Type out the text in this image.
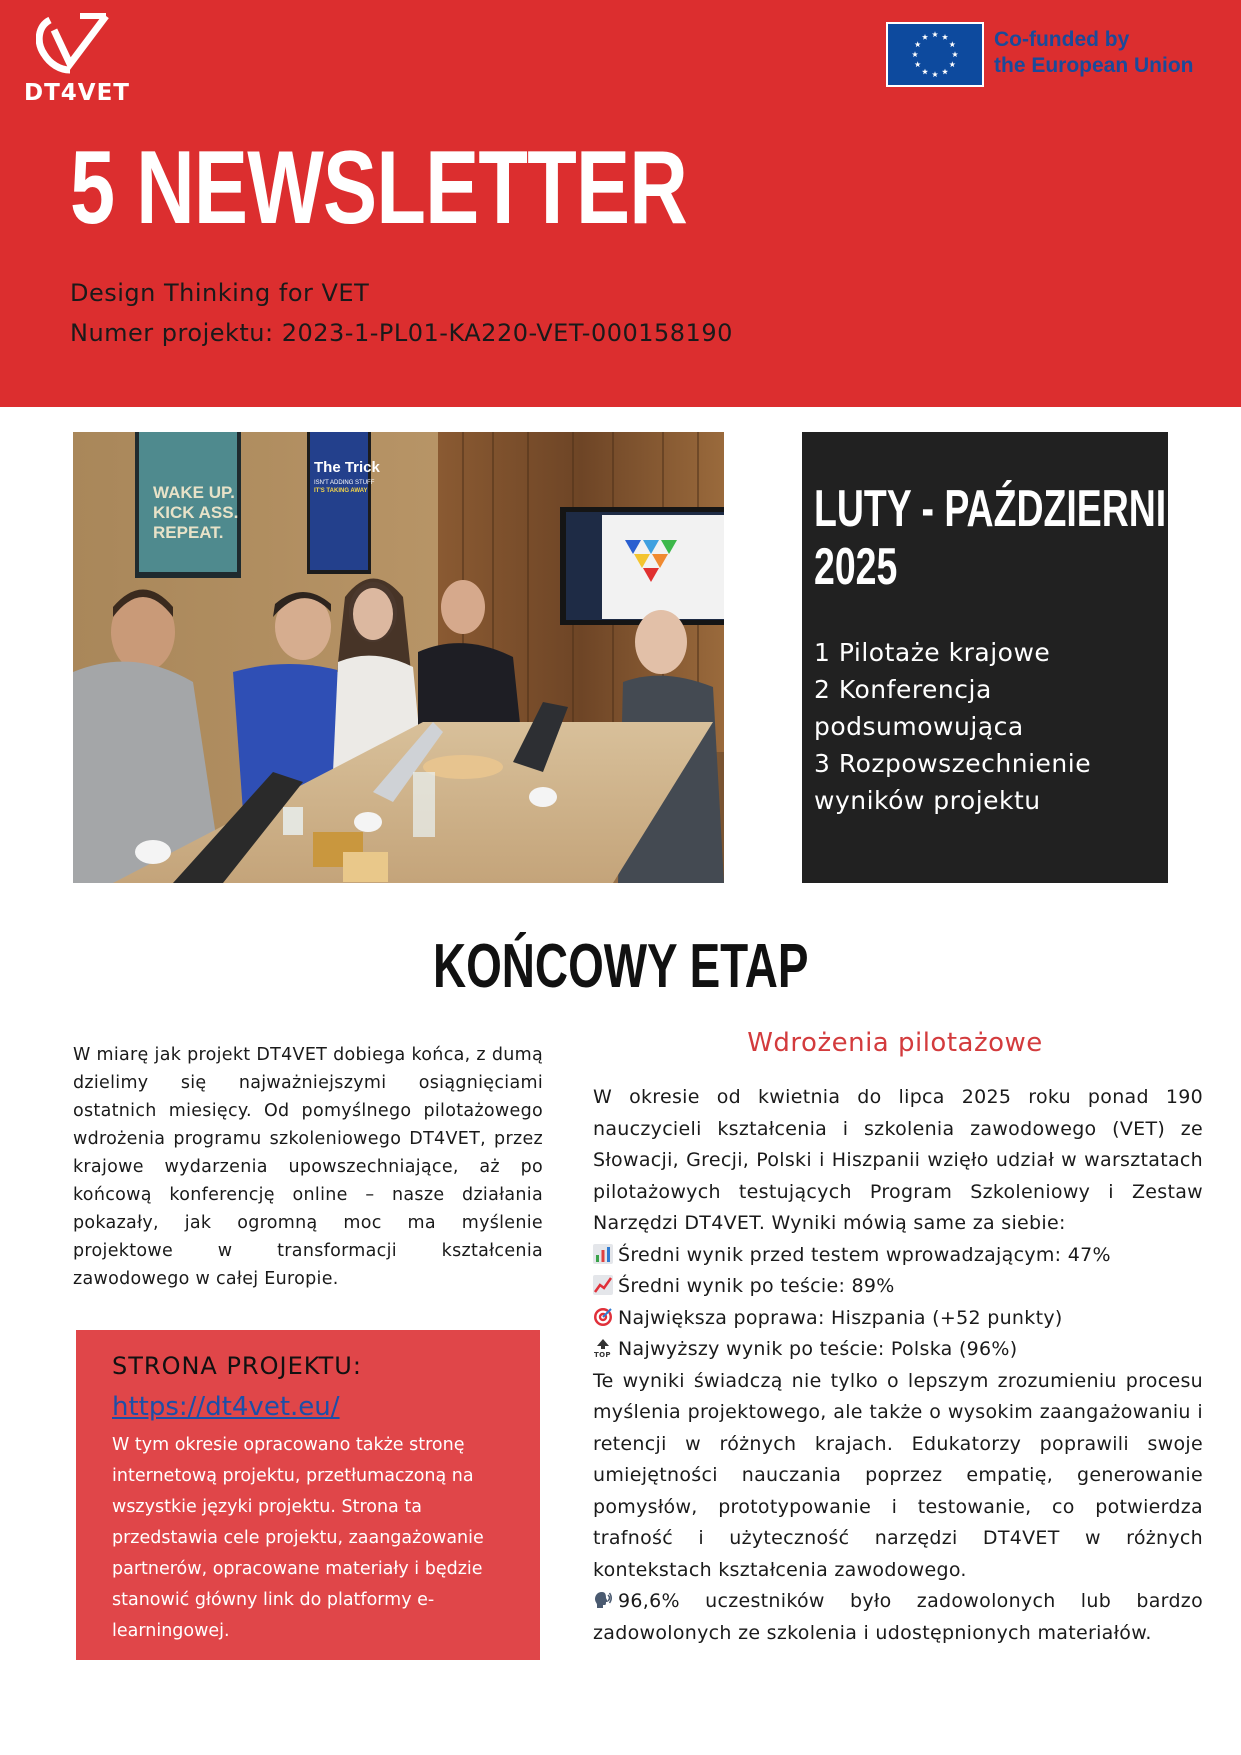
DT4VET
Co-funded by
the European Union
5 NEWSLETTER
Design Thinking for VET
Numer projektu: 2023-1-PL01-KA220-VET-000158190
WAKE UP.
KICK ASS.
REPEAT.
The Trick
ISN'T ADDING STUFF
IT'S TAKING AWAY	LUTY - PAŹDZIERNIK
2025
1 Pilotaże krajowe
2 Konferencja podsumowująca
3 Rozpowszechnienie wyników projektu
KOŃCOWY ETAP
W miarę jak projekt DT4VET dobiega końca, z dumą dzielimy się najważniejszymi osiągnięciami ostatnich miesięcy. Od pomyślnego pilotażowego wdrożenia programu szkoleniowego DT4VET, przez krajowe wydarzenia upowszechniające, aż po końcową konferencję online – nasze działania pokazały, jak ogromną moc ma myślenie projektowe w transformacji kształcenia zawodowego w całej Europie.
STRONA PROJEKTU:
https://dt4vet.eu/
W tym okresie opracowano także stronę internetową projektu, przetłumaczoną na wszystkie języki projektu. Strona ta przedstawia cele projektu, zaangażowanie partnerów, opracowane materiały i będzie stanowić główny link do platformy e-learningowej.
Wdrożenia pilotażowe

W okresie od kwietnia do lipca 2025 roku ponad 190 nauczycieli kształcenia i szkolenia zawodowego (VET) ze Słowacji, Grecji, Polski i Hiszpanii wzięło udział w warsztatach pilotażowych testujących Program Szkoleniowy i Zestaw Narzędzi DT4VET. Wyniki mówią same za siebie:

Średni wynik przed testem wprowadzającym: 47%
Średni wynik po teście: 89%
Największa poprawa: Hiszpania (+52 punkty)
TOP Najwyższy wynik po teście: Polska (96%)

Te wyniki świadczą nie tylko o lepszym zrozumieniu procesu myślenia projektowego, ale także o wysokim zaangażowaniu i retencji w różnych krajach. Edukatorzy poprawili swoje umiejętności nauczania poprzez empatię, generowanie pomysłów, prototypowanie i testowanie, co potwierdza trafność i użyteczność narzędzi DT4VET w różnych kontekstach kształcenia zawodowego.

96,6% uczestników było zadowolonych lub bardzo zadowolonych ze szkolenia i udostępnionych materiałów.
